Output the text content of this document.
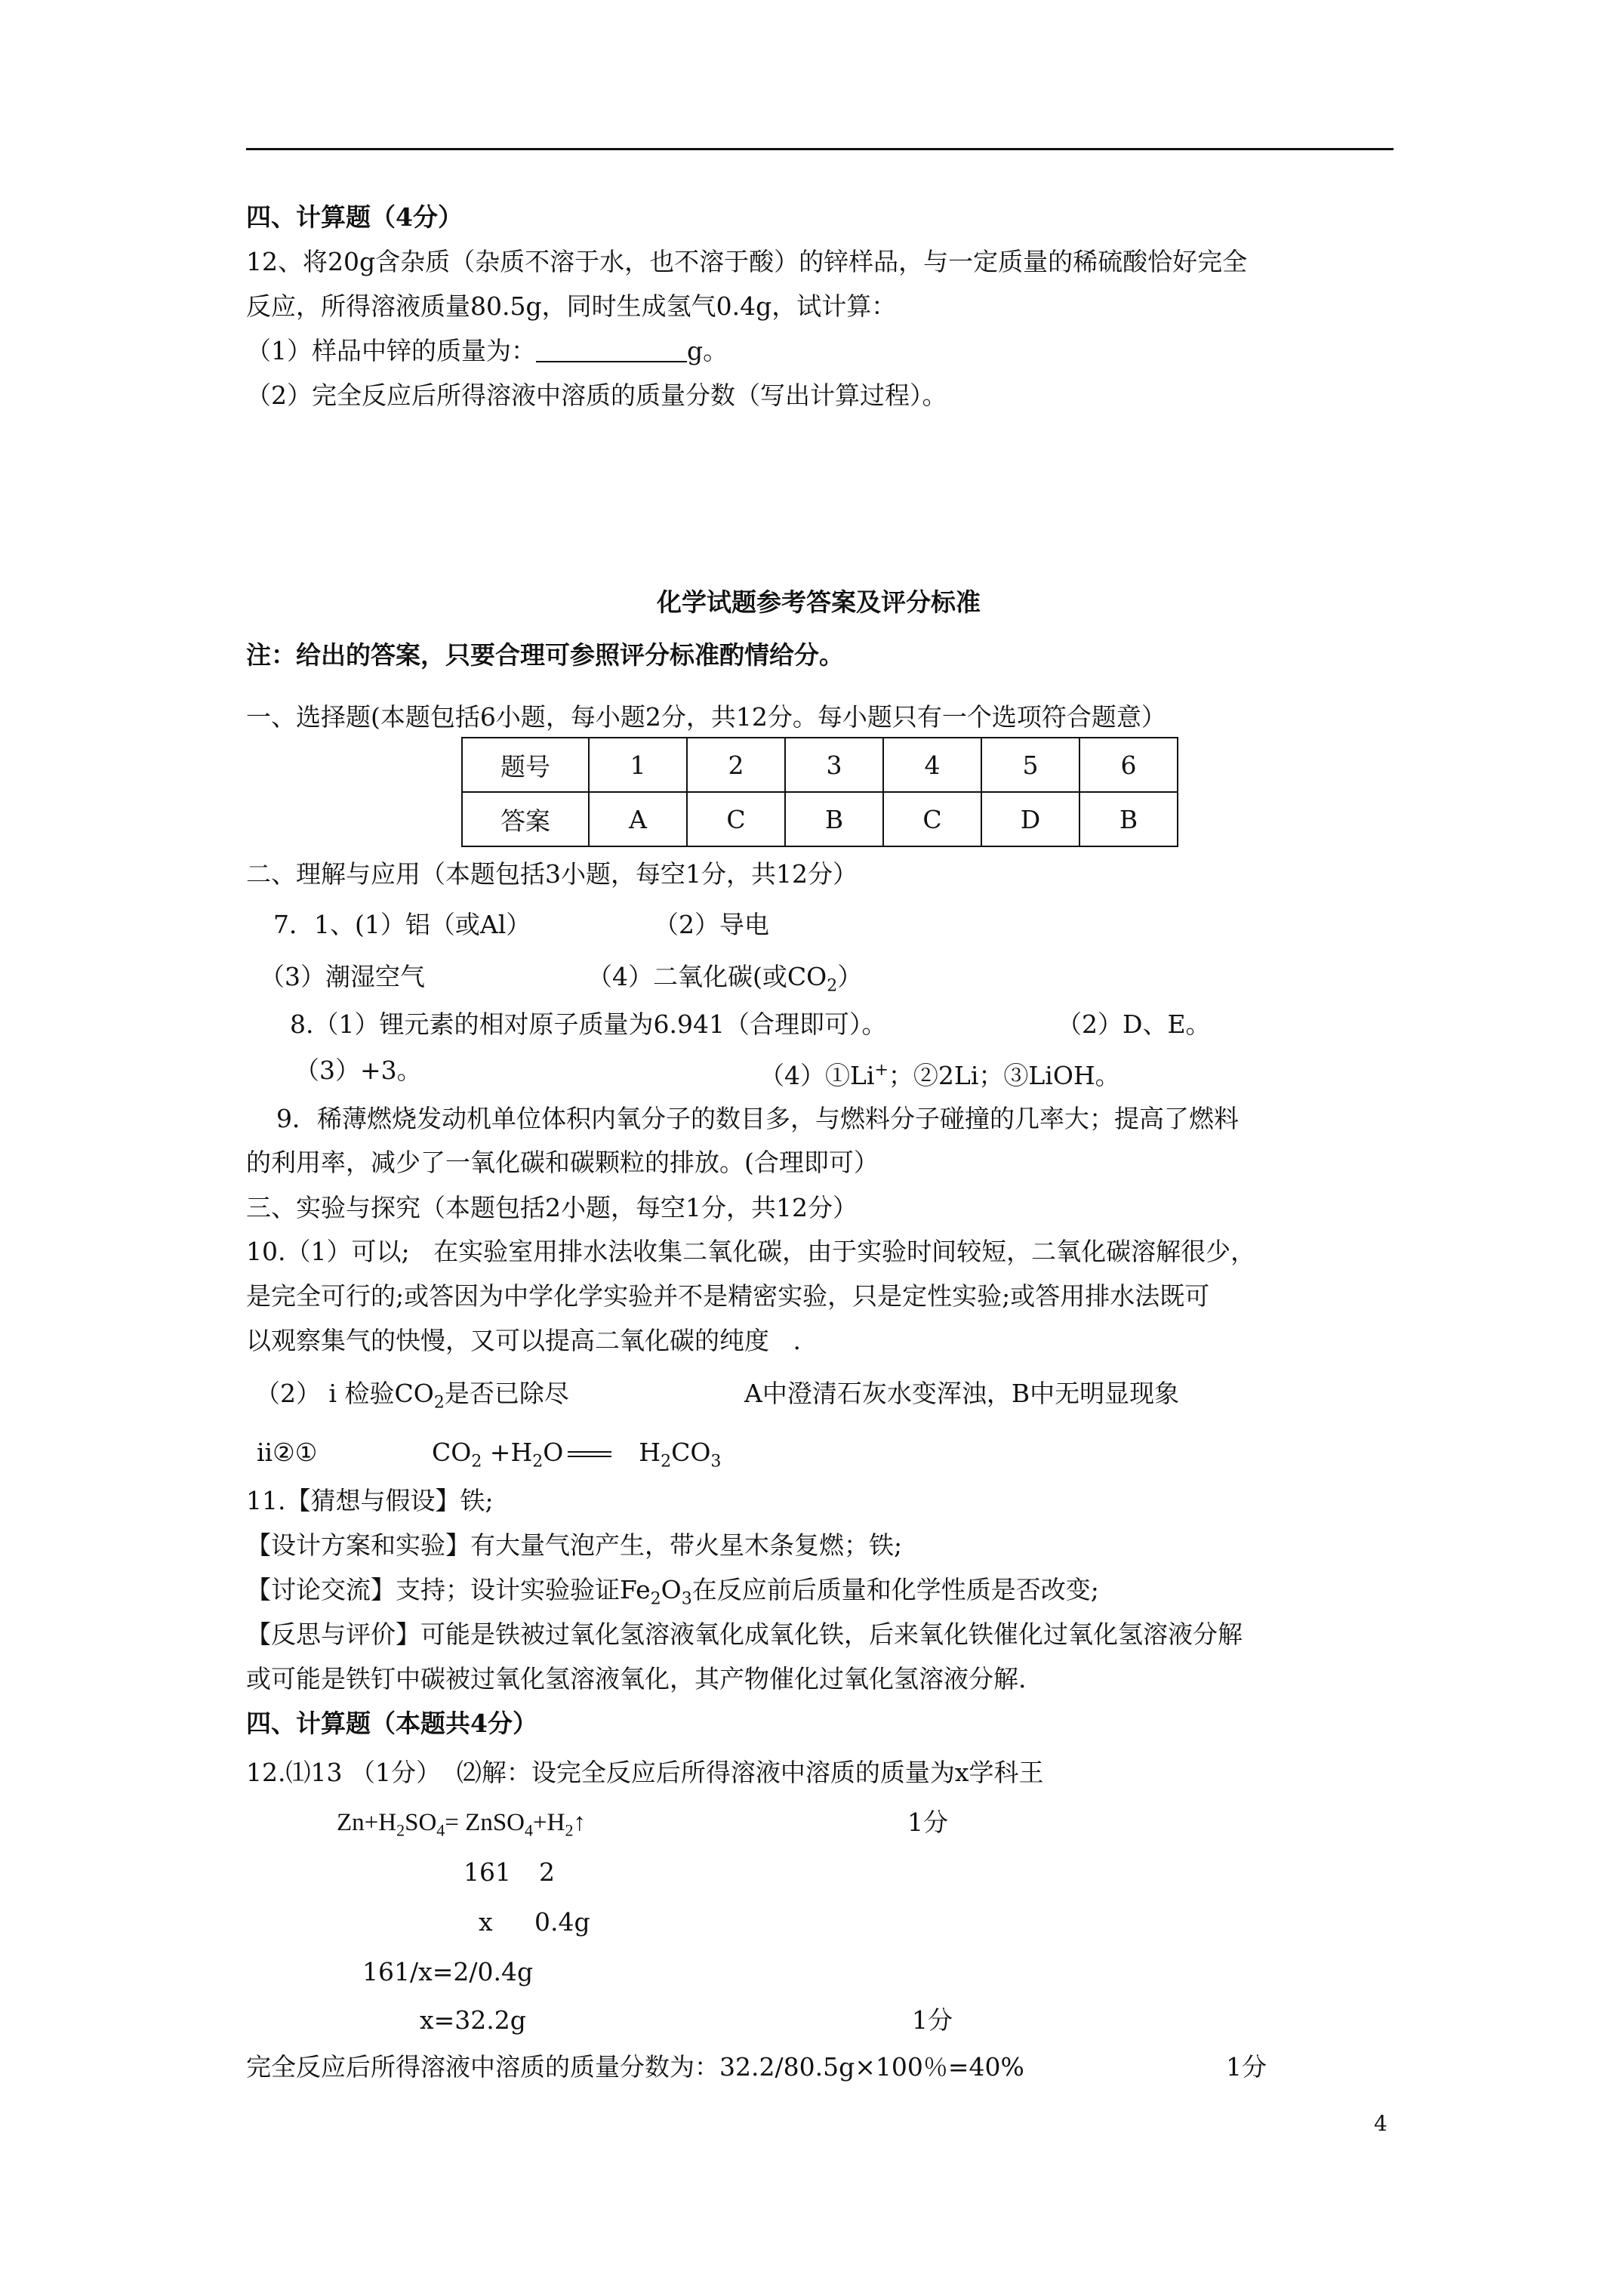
四、计算题（4分）
12、将20g含杂质（杂质不溶于水，也不溶于酸）的锌样品，与一定质量的稀硫酸恰好完全
反应，所得溶液质量80.5g，同时生成氢气0.4g，试计算：
（1）样品中锌的质量为：	g。
（2）完全反应后所得溶液中溶质的质量分数（写出计算过程）。
化学试题参考答案及评分标准
注：给出的答案，只要合理可参照评分标准酌情给分。
一、选择题(本题包括6小题，每小题2分，共12分。每小题只有一个选项符合题意）
题号	1	2	3	4	5	6
答案	A	C	B	C	D	B
二、理解与应用（本题包括3小题，每空1分，共12分）
7．1、(1）铝（或Al）	（2）导电
（3）潮湿空气	（4）二氧化碳(或$CO_2$）
8.（1）锂元素的相对原子质量为6.941（合理即可）。	（2）D、E。
（3）+3。	（4）①Li+；②2Li；③LiOH。
9．稀薄燃烧发动机单位体积内氧分子的数目多，与燃料分子碰撞的几率大；提高了燃料
的利用率，减少了一氧化碳和碳颗粒的排放。(合理即可）
三、实验与探究（本题包括2小题，每空1分，共12分）
10.（1）可以;   在实验室用排水法收集二氧化碳，由于实验时间较短，二氧化碳溶解很少，
是完全可行的;或答因为中学化学实验并不是精密实验，只是定性实验;或答用排水法既可
以观察集气的快慢，又可以提高二氧化碳的纯度   .
（2） i 检验$CO_2$是否已除尽	A中澄清石灰水变浑浊，B中无明显现象
ii②①	$CO_2 +H_2O$	$H_2CO_3$
11.【猜想与假设】铁;
【设计方案和实验】有大量气泡产生，带火星木条复燃；铁;
【讨论交流】支持；设计实验验证$Fe_2O_3$在反应前后质量和化学性质是否改变;
【反思与评价】可能是铁被过氧化氢溶液氧化成氧化铁，后来氧化铁催化过氧化氢溶液分解
或可能是铁钉中碳被过氧化氢溶液氧化，其产物催化过氧化氢溶液分解.
四、计算题（本题共4分）
12.⑴13 （1分）  ⑵解：设完全反应后所得溶液中溶质的质量为x学科王
$Zn+H_2SO_4=$ $ZnSO_4+H_2↑$	1分
161 2
x 0.4g
161/x=2/0.4g
x=32.2g	1分
完全反应后所得溶液中溶质的质量分数为：32.2/80.5g×100％=40%	1分
4
